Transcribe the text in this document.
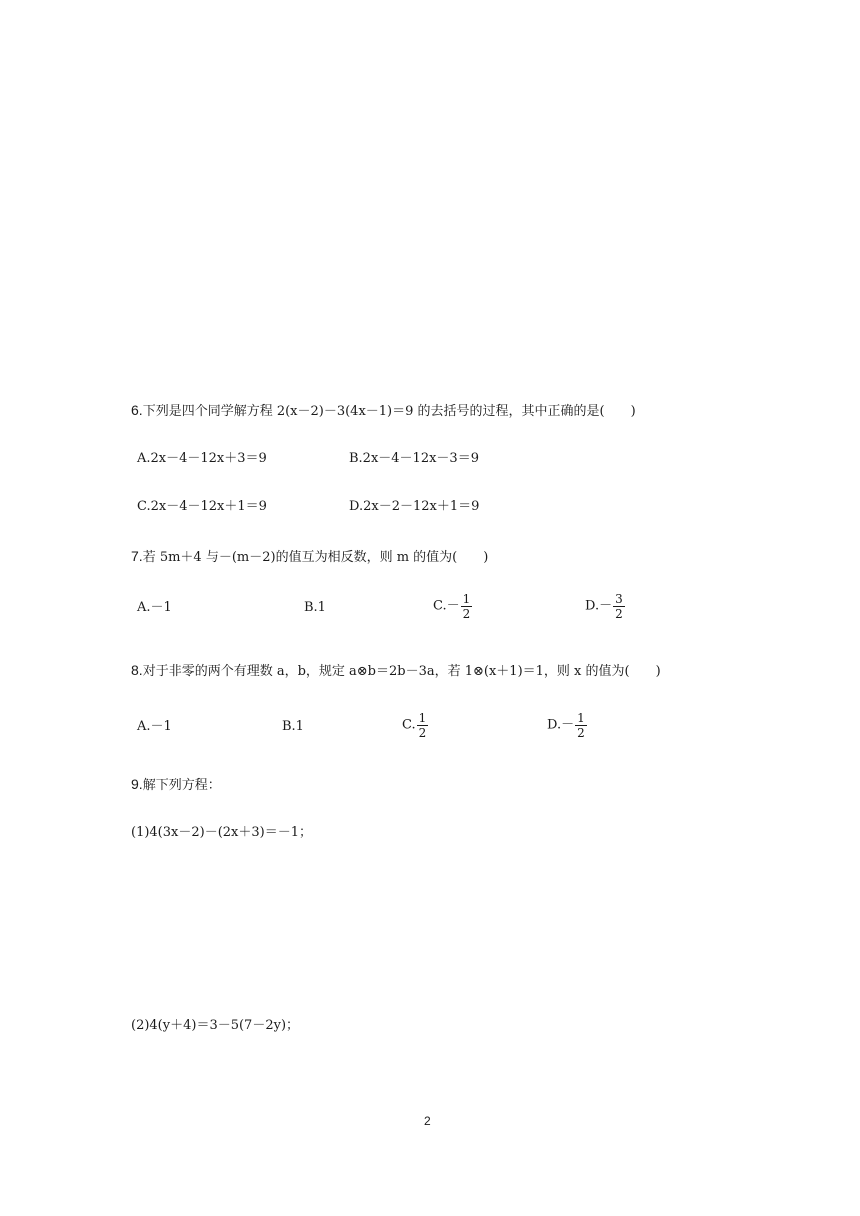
6.下列是四个同学解方程 2(x－2)－3(4x－1)＝9 的去括号的过程，其中正确的是(　　)
A.2x－4－12x＋3＝9	B.2x－4－12x－3＝9
C.2x－4－12x＋1＝9	D.2x－2－12x＋1＝9
7.若 5m＋4 与－(m－2)的值互为相反数，则 m 的值为(　　)
A.－1	B.1	$C.- \frac{1}{2}$	$D.- \frac{3}{2}$
8.对于非零的两个有理数 a，b，规定 a⊗b＝2b－3a，若 1⊗(x＋1)＝1，则 x 的值为(　　)
A.－1	B.1	C. $\frac{1}{2}$	$D.- \frac{1}{2}$
9.解下列方程：
(1)4(3x－2)－(2x＋3)＝－1；
(2)4(y＋4)＝3－5(7－2y)；
2
